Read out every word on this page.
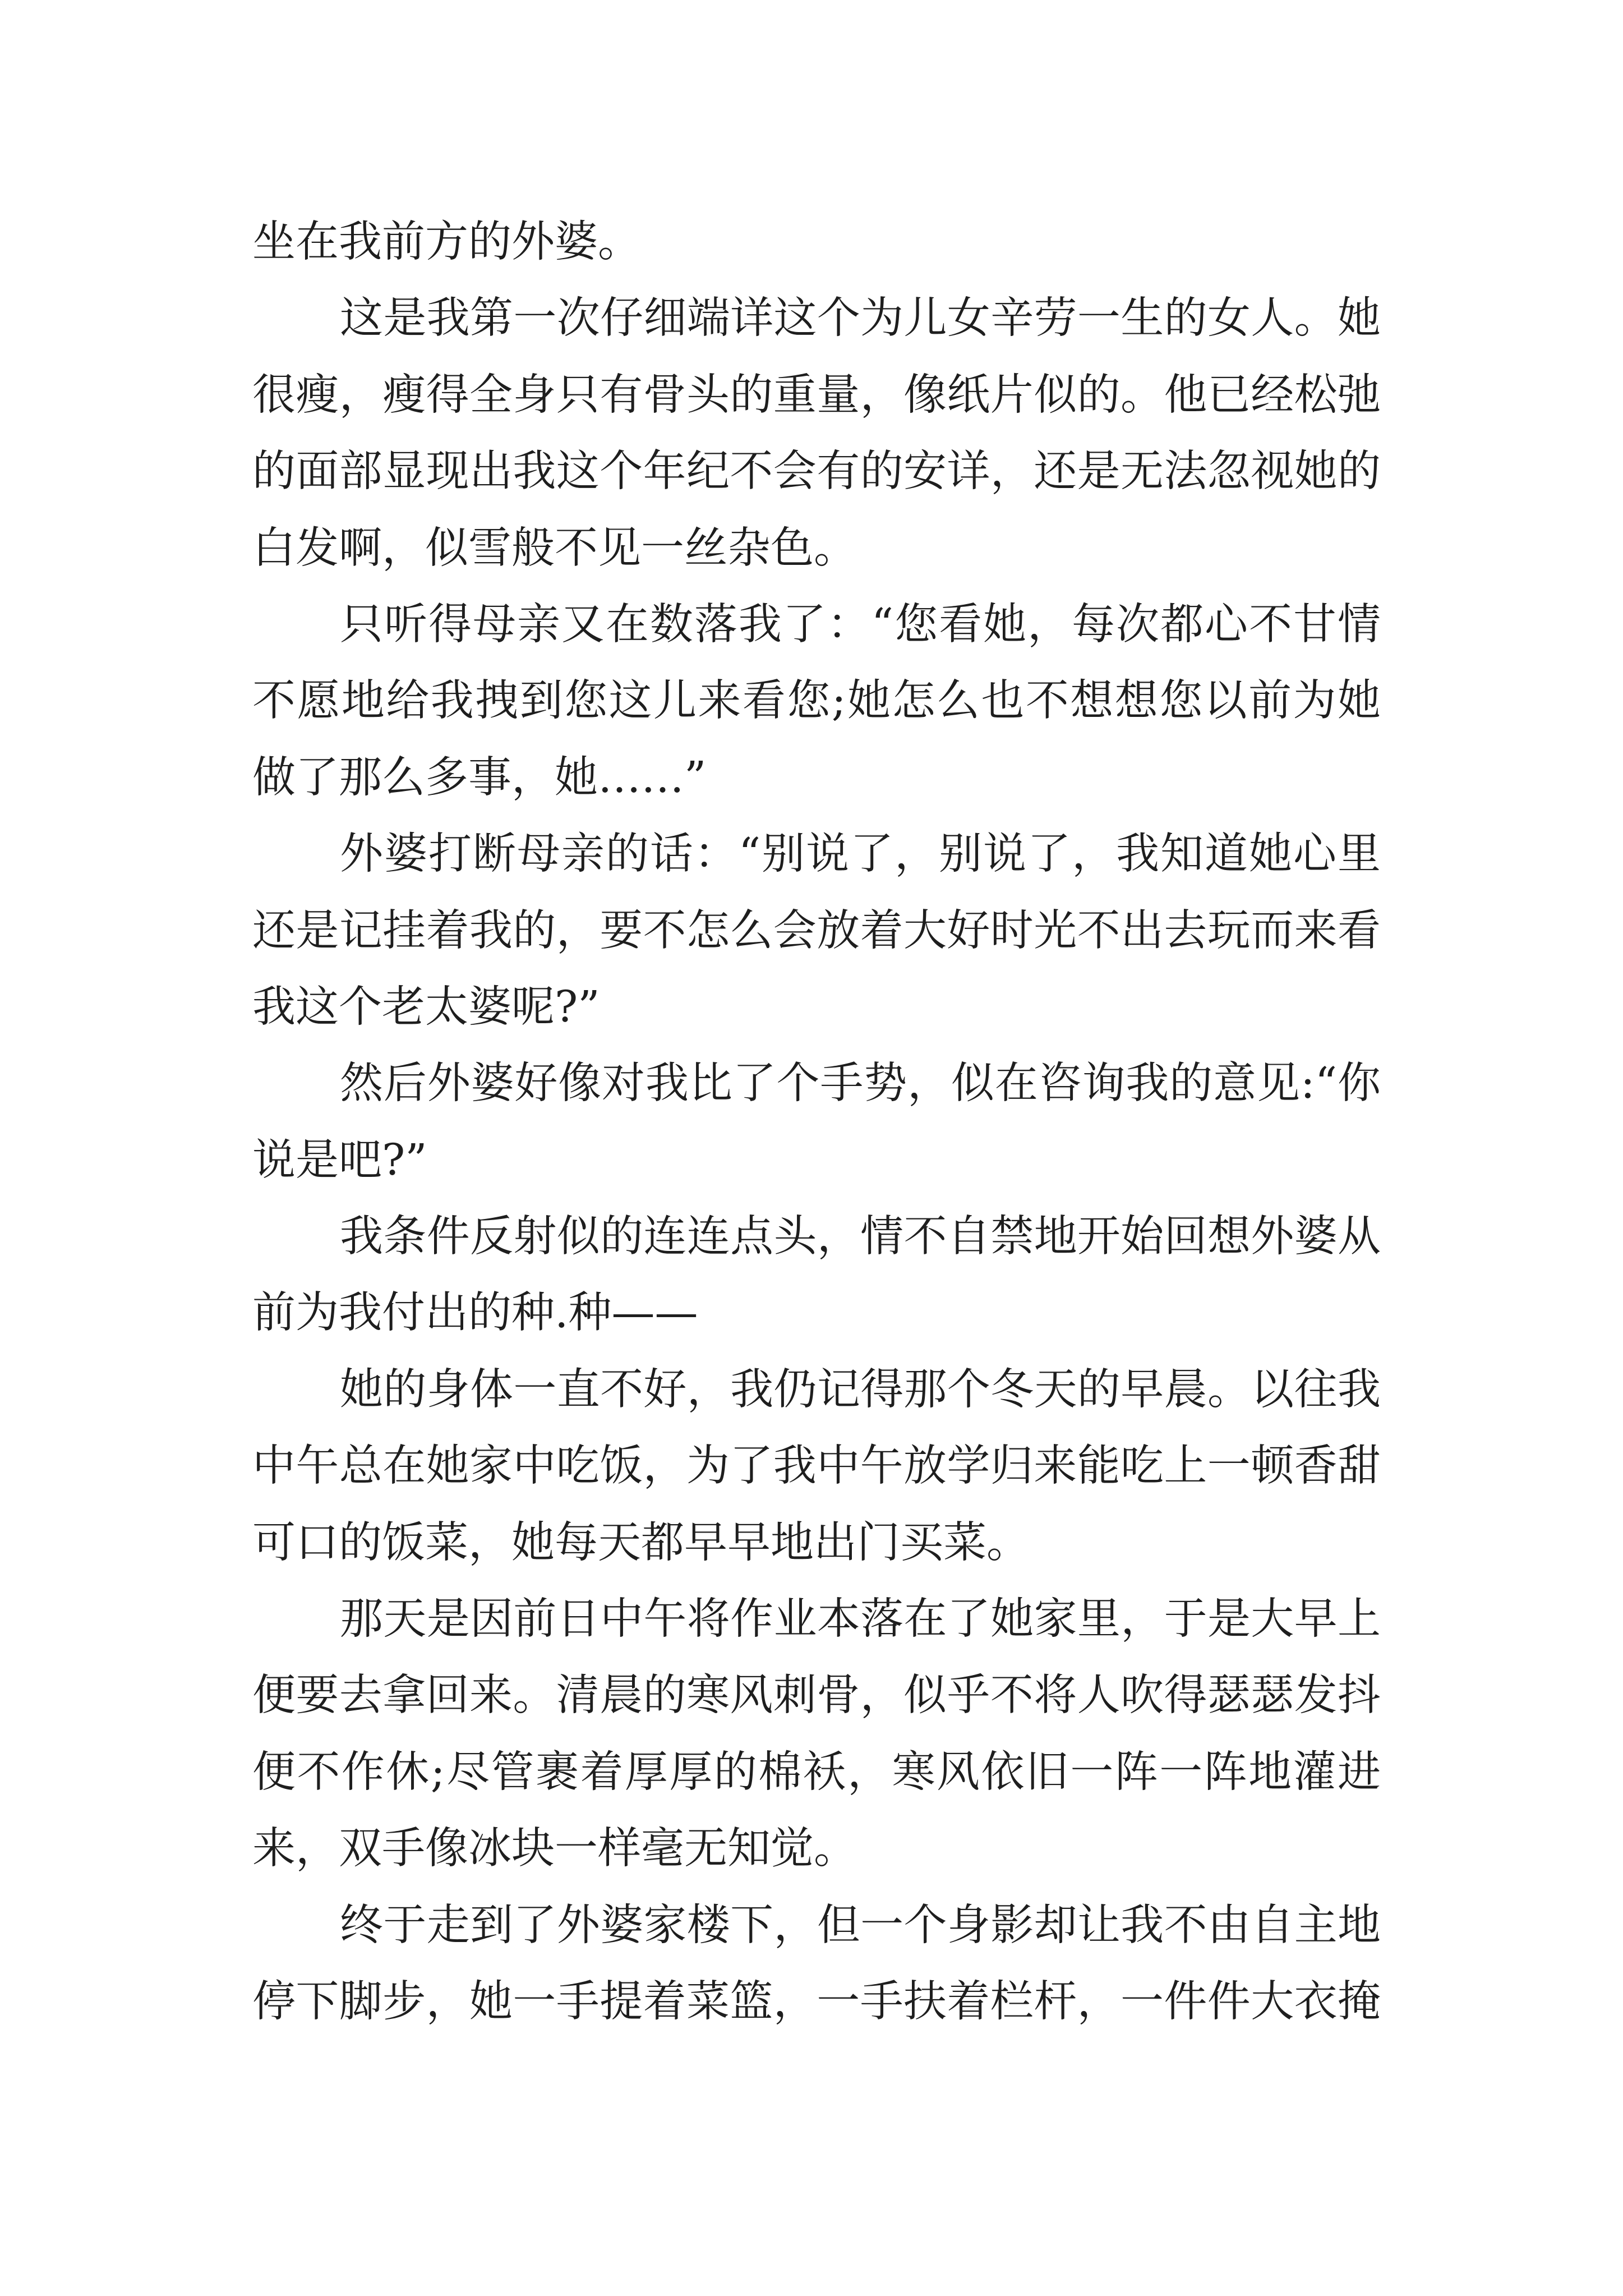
坐在我前方的外婆。
这是我第一次仔细端详这个为儿女辛劳一生的女人。她
很瘦，瘦得全身只有骨头的重量，像纸片似的。他已经松弛
的面部显现出我这个年纪不会有的安详，还是无法忽视她的
白发啊，似雪般不见一丝杂色。
只听得母亲又在数落我了：“您看她，每次都心不甘情
不愿地给我拽到您这儿来看您;她怎么也不想想您以前为她
做了那么多事，她……”
外婆打断母亲的话：“别说了，别说了，我知道她心里
还是记挂着我的，要不怎么会放着大好时光不出去玩而来看
我这个老太婆呢?”
然后外婆好像对我比了个手势，似在咨询我的意见:“你
说是吧?”
我条件反射似的连连点头，情不自禁地开始回想外婆从
前为我付出的种.种——
她的身体一直不好，我仍记得那个冬天的早晨。以往我
中午总在她家中吃饭，为了我中午放学归来能吃上一顿香甜
可口的饭菜，她每天都早早地出门买菜。
那天是因前日中午将作业本落在了她家里，于是大早上
便要去拿回来。清晨的寒风刺骨，似乎不将人吹得瑟瑟发抖
便不作休;尽管裹着厚厚的棉袄，寒风依旧一阵一阵地灌进
来，双手像冰块一样毫无知觉。
终于走到了外婆家楼下，但一个身影却让我不由自主地
停下脚步，她一手提着菜篮，一手扶着栏杆，一件件大衣掩
